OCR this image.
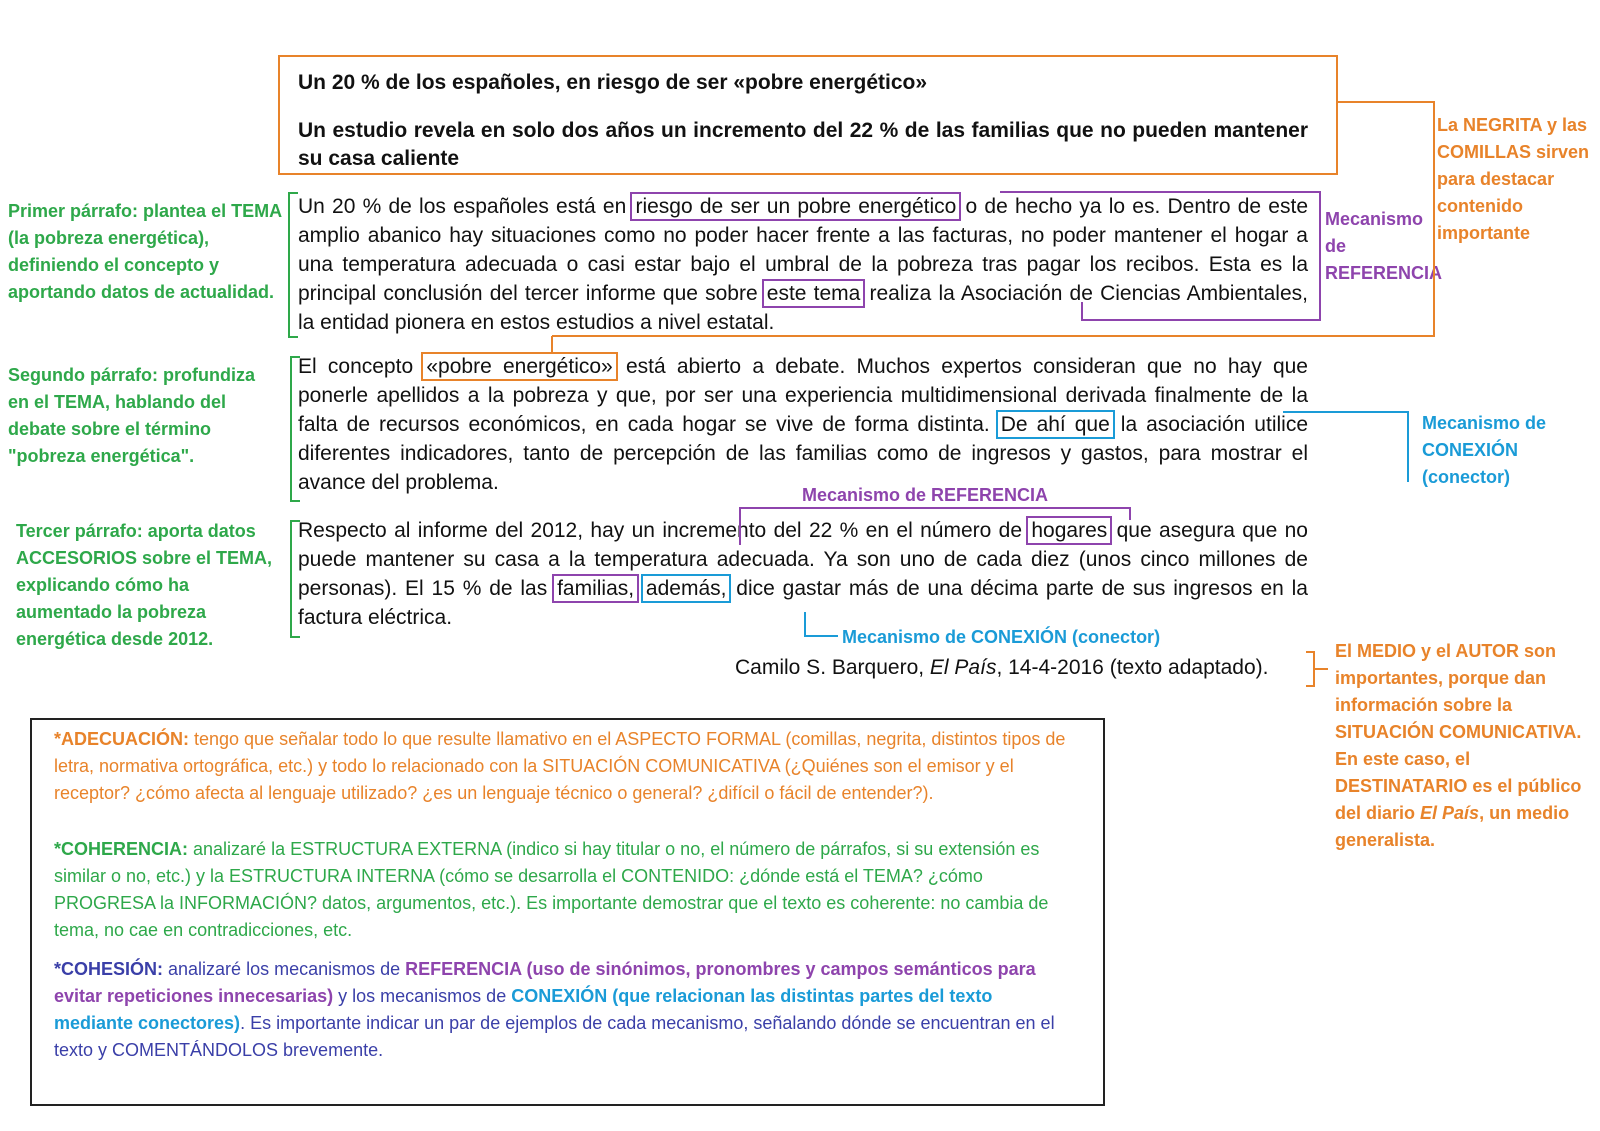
Un 20 % de los españoles, en riesgo de ser «pobre energético»
Un estudio revela en solo dos años un incremento del 22 % de las familias que no pueden mantener su casa caliente
Un 20 % de los españoles está en riesgo de ser un pobre energético o de hecho ya lo es. Dentro de este amplio abanico hay situaciones como no poder hacer frente a las facturas, no poder mantener el hogar a una temperatura adecuada o casi estar bajo el umbral de la pobreza tras pagar los recibos. Esta es la principal conclusión del tercer informe que sobre este tema realiza la Asociación de Ciencias Ambientales, la entidad pionera en estos estudios a nivel estatal.
El concepto «pobre energético» está abierto a debate. Muchos expertos consideran que no hay que ponerle apellidos a la pobreza y que, por ser una experiencia multidimensional derivada finalmente de la falta de recursos económicos, en cada hogar se vive de forma distinta. De ahí que la asociación utilice diferentes indicadores, tanto de percepción de las familias como de ingresos y gastos, para mostrar el avance del problema.
Respecto al informe del 2012, hay un incremento del 22 % en el número de hogares que asegura que no puede mantener su casa a la temperatura adecuada. Ya son uno de cada diez (unos cinco millones de personas). El 15 % de las familias, además, dice gastar más de una décima parte de sus ingresos en la factura eléctrica.
Camilo S. Barquero, El País, 14-4-2016 (texto adaptado).
Primer párrafo: plantea el TEMA (la pobreza energética), definiendo el concepto y aportando datos de actualidad.
Segundo párrafo: profundiza en el TEMA, hablando del debate sobre el término "pobreza energética".
Tercer párrafo: aporta datos ACCESORIOS sobre el TEMA, explicando cómo ha aumentado la pobreza energética desde 2012.
La NEGRITA y las COMILLAS sirven para destacar contenido importante
Mecanismo de REFERENCIA
Mecanismo de CONEXIÓN (conector)
Mecanismo de REFERENCIA
Mecanismo de CONEXIÓN (conector)
El MEDIO y el AUTOR son importantes, porque dan información sobre la SITUACIÓN COMUNICATIVA. En este caso, el DESTINATARIO es el público del diario El País, un medio generalista.
*ADECUACIÓN: tengo que señalar todo lo que resulte llamativo en el ASPECTO FORMAL (comillas, negrita, distintos tipos de letra, normativa ortográfica, etc.) y todo lo relacionado con la SITUACIÓN COMUNICATIVA (¿Quiénes son el emisor y el receptor? ¿cómo afecta al lenguaje utilizado? ¿es un lenguaje técnico o general? ¿difícil o fácil de entender?).
*COHERENCIA: analizaré la ESTRUCTURA EXTERNA (indico si hay titular o no, el número de párrafos, si su extensión es similar o no, etc.) y la ESTRUCTURA INTERNA (cómo se desarrolla el CONTENIDO: ¿dónde está el TEMA? ¿cómo PROGRESA la INFORMACIÓN? datos, argumentos, etc.). Es importante demostrar que el texto es coherente: no cambia de tema, no cae en contradicciones, etc.
*COHESIÓN: analizaré los mecanismos de REFERENCIA (uso de sinónimos, pronombres y campos semánticos para evitar repeticiones innecesarias) y los mecanismos de CONEXIÓN (que relacionan las distintas partes del texto mediante conectores). Es importante indicar un par de ejemplos de cada mecanismo, señalando dónde se encuentran en el texto y COMENTÁNDOLOS brevemente.
